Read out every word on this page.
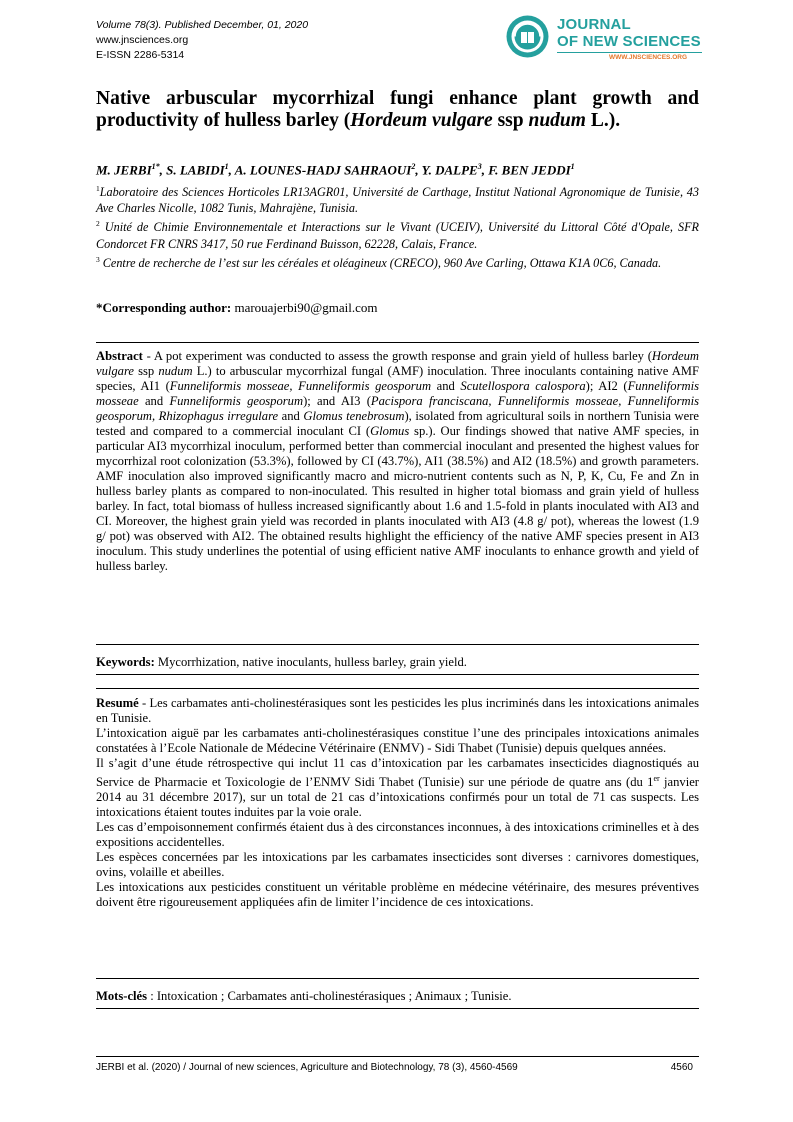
Volume 78(3). Published December, 01, 2020
www.jnsciences.org
E-ISSN 2286-5314
JOURNAL
OF NEW SCIENCES
WWW.JNSCIENCES.ORG
Native arbuscular mycorrhizal fungi enhance plant growth and productivity of hulless barley (Hordeum vulgare ssp nudum L.).

M. $JERBI^{1*}$, S. LABIDI$^1$, A. LOUNES-HADJ SAHRAOUI$^2$, Y. DALPE$^3$, F. BEN JEDDI$^1$

$^1$Laboratoire des Sciences Horticoles LR13AGR01, Université de Carthage, Institut National Agronomique de Tunisie, 43 Ave Charles Nicolle, 1082 Tunis, Mahrajène, Tunisia.

$^2$ Unité de Chimie Environnementale et Interactions sur le Vivant (UCEIV), Université du Littoral Côté d'Opale, SFR Condorcet FR CNRS 3417, 50 rue Ferdinand Buisson, 62228, Calais, France.

$^3$ Centre de recherche de l’est sur les céréales et oléagineux (CRECO), 960 Ave Carling, Ottawa K1A 0C6, Canada.

*Corresponding author: marouajerbi90@gmail.com

Abstract - A pot experiment was conducted to assess the growth response and grain yield of hulless barley (Hordeum vulgare ssp nudum L.) to arbuscular mycorrhizal fungal (AMF) inoculation. Three inoculants containing native AMF species, AI1 (Funneliformis mosseae, Funneliformis geosporum and Scutellospora calospora); AI2 (Funneliformis mosseae and Funneliformis geosporum); and AI3 (Pacispora franciscana, Funneliformis mosseae, Funneliformis geosporum, Rhizophagus irregulare and Glomus tenebrosum), isolated from agricultural soils in northern Tunisia were tested and compared to a commercial inoculant CI (Glomus sp.). Our findings showed that native AMF species, in particular AI3 mycorrhizal inoculum, performed better than commercial inoculant and presented the highest values for mycorrhizal root colonization (53.3%), followed by CI (43.7%), AI1 (38.5%) and AI2 (18.5%) and growth parameters. AMF inoculation also improved significantly macro and micro-nutrient contents such as N, P, K, Cu, Fe and Zn in hulless barley plants as compared to non-inoculated. This resulted in higher total biomass and grain yield of hulless barley. In fact, total biomass of hulless increased significantly about 1.6 and 1.5-fold in plants inoculated with AI3 and CI. Moreover, the highest grain yield was recorded in plants inoculated with AI3 (4.8 g/ pot), whereas the lowest (1.9 g/ pot) was observed with AI2. The obtained results highlight the efficiency of the native AMF species present in AI3 inoculum. This study underlines the potential of using efficient native AMF inoculants to enhance growth and yield of hulless barley.

Keywords: Mycorrhization, native inoculants, hulless barley, grain yield.

Resumé - Les carbamates anti-cholinestérasiques sont les pesticides les plus incriminés dans les intoxications animales en Tunisie.

L’intoxication aiguë par les carbamates anti-cholinestérasiques constitue l’une des principales intoxications animales constatées à l’Ecole Nationale de Médecine Vétérinaire (ENMV) - Sidi Thabet (Tunisie) depuis quelques années.

Il s’agit d’une étude rétrospective qui inclut 11 cas d’intoxication par les carbamates insecticides diagnostiqués au Service de Pharmacie et Toxicologie de l’ENMV Sidi Thabet (Tunisie) sur une période de quatre ans (du 1er janvier 2014 au 31 décembre 2017), sur un total de 21 cas d’intoxications confirmés pour un total de 71 cas suspects. Les intoxications étaient toutes induites par la voie orale.

Les cas d’empoisonnement confirmés étaient dus à des circonstances inconnues, à des intoxications criminelles et à des expositions accidentelles.

Les espèces concernées par les intoxications par les carbamates insecticides sont diverses : carnivores domestiques, ovins, volaille et abeilles.

Les intoxications aux pesticides constituent un véritable problème en médecine vétérinaire, des mesures préventives doivent être rigoureusement appliquées afin de limiter l’incidence de ces intoxications.

Mots-clés : Intoxication ; Carbamates anti-cholinestérasiques ; Animaux ; Tunisie.

JERBI et al. (2020) / Journal of new sciences, Agriculture and Biotechnology, 78 (3), 4560-4569	4560
